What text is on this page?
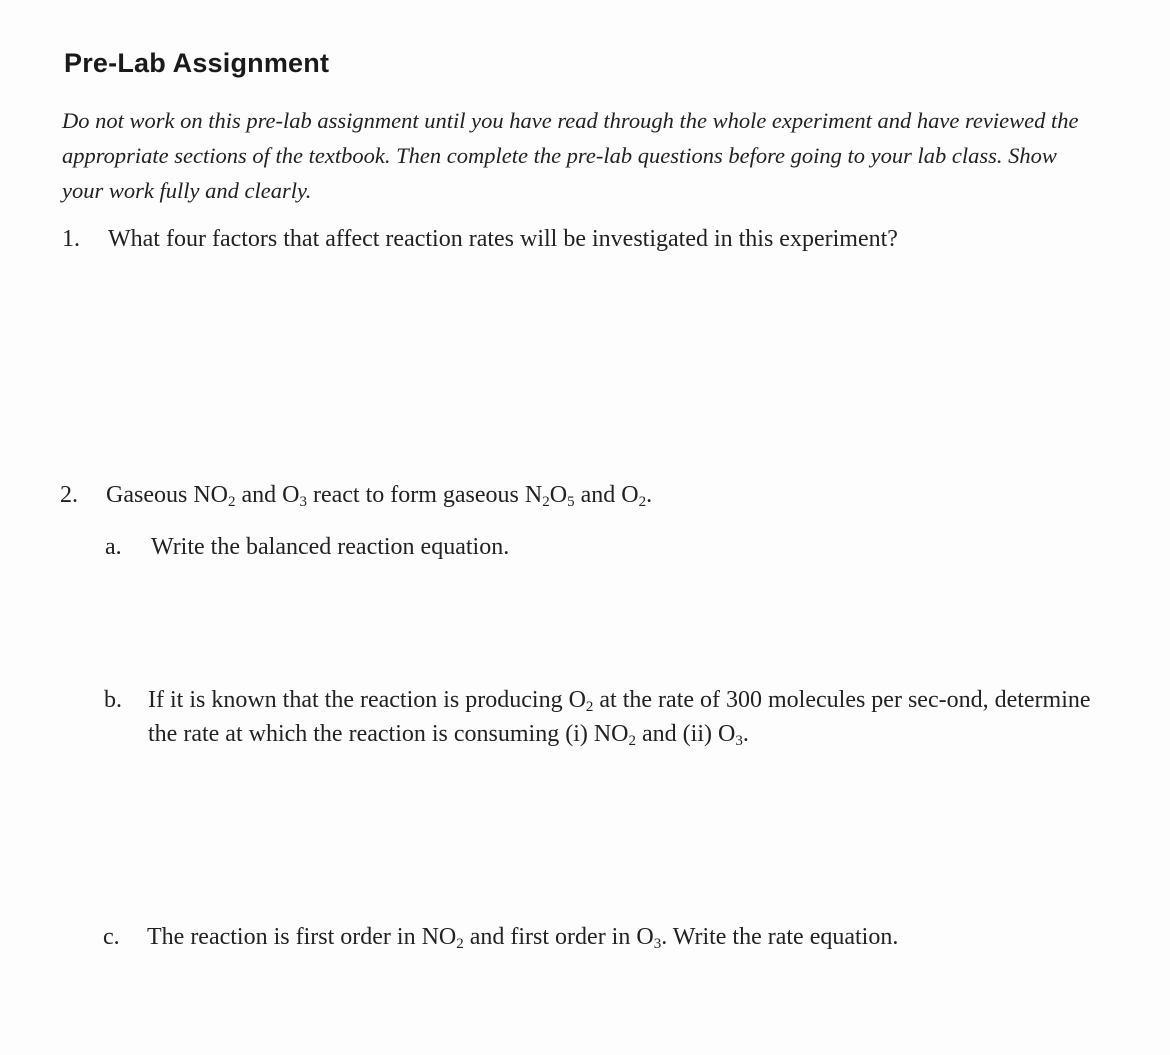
Pre-Lab Assignment
Do not work on this pre-lab assignment until you have read through the whole experiment and have reviewed the appropriate sections of the textbook. Then complete the pre-lab questions before going to your lab class. Show your work fully and clearly.
1. What four factors that affect reaction rates will be investigated in this experiment?
2. Gaseous $NO_2$ and $O_3$ react to form gaseous $N_2O_5$ and $O_2$.
a. Write the balanced reaction equation.
b. If it is known that the reaction is producing $O_2$ at the rate of 300 molecules per sec-ond, determine the rate at which the reaction is consuming (i) $NO_2$ and (ii) $O_3$.
c. The reaction is first order in $NO_2$ and first order in $O_3$. Write the rate equation.
